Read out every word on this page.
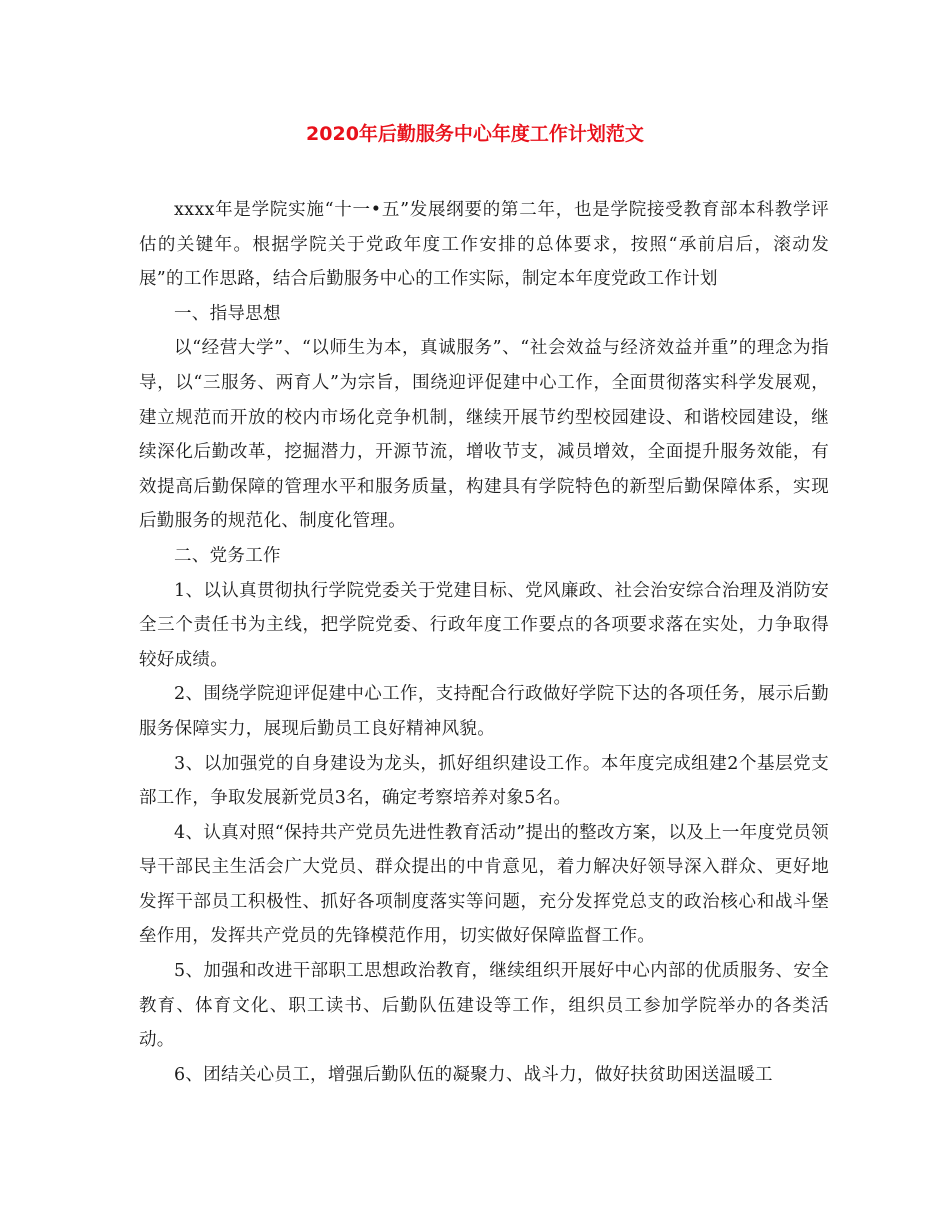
2020年后勤服务中心年度工作计划范文

xxxx年是学院实施“十一•五”发展纲要的第二年，也是学院接受教育部本科教学评估的关键年。根据学院关于党政年度工作安排的总体要求，按照“承前启后，滚动发展”的工作思路，结合后勤服务中心的工作实际，制定本年度党政工作计划

一、指导思想

以“经营大学”、“以师生为本，真诚服务”、“社会效益与经济效益并重”的理念为指导，以“三服务、两育人”为宗旨，围绕迎评促建中心工作，全面贯彻落实科学发展观，建立规范而开放的校内市场化竞争机制，继续开展节约型校园建设、和谐校园建设，继续深化后勤改革，挖掘潜力，开源节流，增收节支，减员增效，全面提升服务效能，有效提高后勤保障的管理水平和服务质量，构建具有学院特色的新型后勤保障体系，实现后勤服务的规范化、制度化管理。

二、党务工作

1、以认真贯彻执行学院党委关于党建目标、党风廉政、社会治安综合治理及消防安全三个责任书为主线，把学院党委、行政年度工作要点的各项要求落在实处，力争取得较好成绩。

2、围绕学院迎评促建中心工作，支持配合行政做好学院下达的各项任务，展示后勤服务保障实力，展现后勤员工良好精神风貌。

3、以加强党的自身建设为龙头，抓好组织建设工作。本年度完成组建2个基层党支部工作，争取发展新党员3名，确定考察培养对象5名。

4、认真对照“保持共产党员先进性教育活动”提出的整改方案，以及上一年度党员领导干部民主生活会广大党员、群众提出的中肯意见，着力解决好领导深入群众、更好地发挥干部员工积极性、抓好各项制度落实等问题，充分发挥党总支的政治核心和战斗堡垒作用，发挥共产党员的先锋模范作用，切实做好保障监督工作。

5、加强和改进干部职工思想政治教育，继续组织开展好中心内部的优质服务、安全教育、体育文化、职工读书、后勤队伍建设等工作，组织员工参加学院举办的各类活动。

6、团结关心员工，增强后勤队伍的凝聚力、战斗力，做好扶贫助困送温暖工
